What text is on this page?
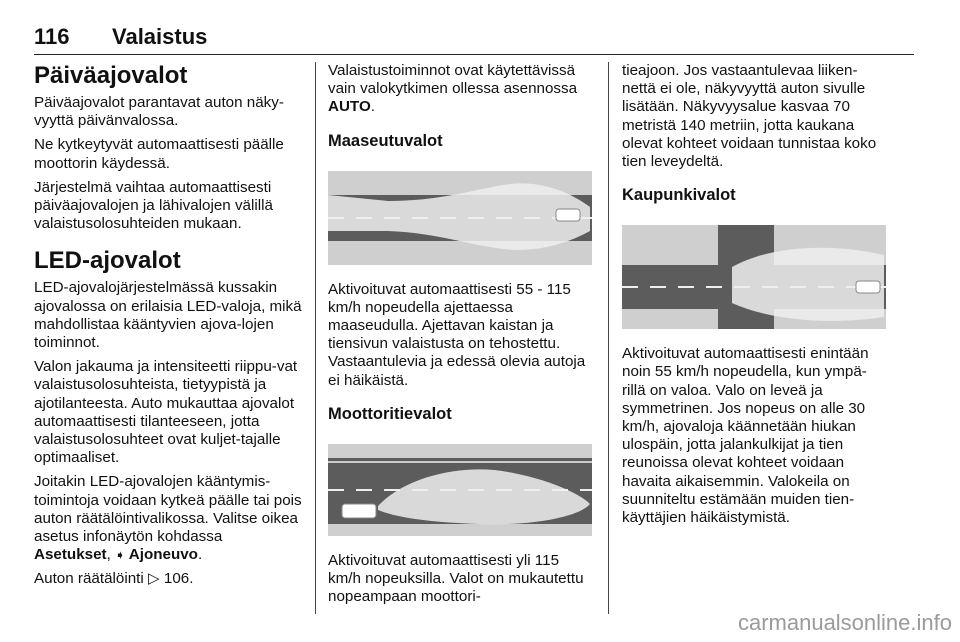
116 Valaistus
Päiväajovalot

Päiväajovalot parantavat auton näky-vyyttä päivänvalossa.

Ne kytkeytyvät automaattisesti päälle moottorin käydessä.

Järjestelmä vaihtaa automaattisesti päiväajovalojen ja lähivalojen välillä valaistusolosuhteiden mukaan.

LED-ajovalot

LED-ajovalojärjestelmässä kussakin ajovalossa on erilaisia LED-valoja, mikä mahdollistaa kääntyvien ajova-lojen toiminnot.

Valon jakauma ja intensiteetti riippu-vat valaistusolosuhteista, tietyypistä ja ajotilanteesta. Auto mukauttaa ajovalot automaattisesti tilanteeseen, jotta valaistusolosuhteet ovat kuljet-tajalle optimaaliset.

Joitakin LED-ajovalojen kääntymis-toimintoja voidaan kytkeä päälle tai pois auton räätälöintivalikossa. Valitse oikea asetus infonäytön kohdassa Asetukset, ➧ Ajoneuvo.

Auton räätälöinti ▷ 106.

Valaistustoiminnot ovat käytettävissä vain valokytkimen ollessa asennossa AUTO.

Maaseutuvalot

Aktivoituvat automaattisesti 55 - 115 km/h nopeudella ajettaessa maaseudulla. Ajettavan kaistan ja tiensivun valaistusta on tehostettu. Vastaantulevia ja edessä olevia autoja ei häikäistä.

Moottoritievalot

Aktivoituvat automaattisesti yli 115 km/h nopeuksilla. Valot on mukautettu nopeampaan moottori-

tieajoon. Jos vastaantulevaa liiken-nettä ei ole, näkyvyyttä auton sivulle lisätään. Näkyvyysalue kasvaa 70 metristä 140 metriin, jotta kaukana olevat kohteet voidaan tunnistaa koko tien leveydeltä.

Kaupunkivalot

Aktivoituvat automaattisesti enintään noin 55 km/h nopeudella, kun ympä-rillä on valoa. Valo on leveä ja symmetrinen. Jos nopeus on alle 30 km/h, ajovaloja käännetään hiukan ulospäin, jotta jalankulkijat ja tien reunoissa olevat kohteet voidaan havaita aikaisemmin. Valokeila on suunniteltu estämään muiden tien-käyttäjien häikäistymistä.

carmanualsonline.info
